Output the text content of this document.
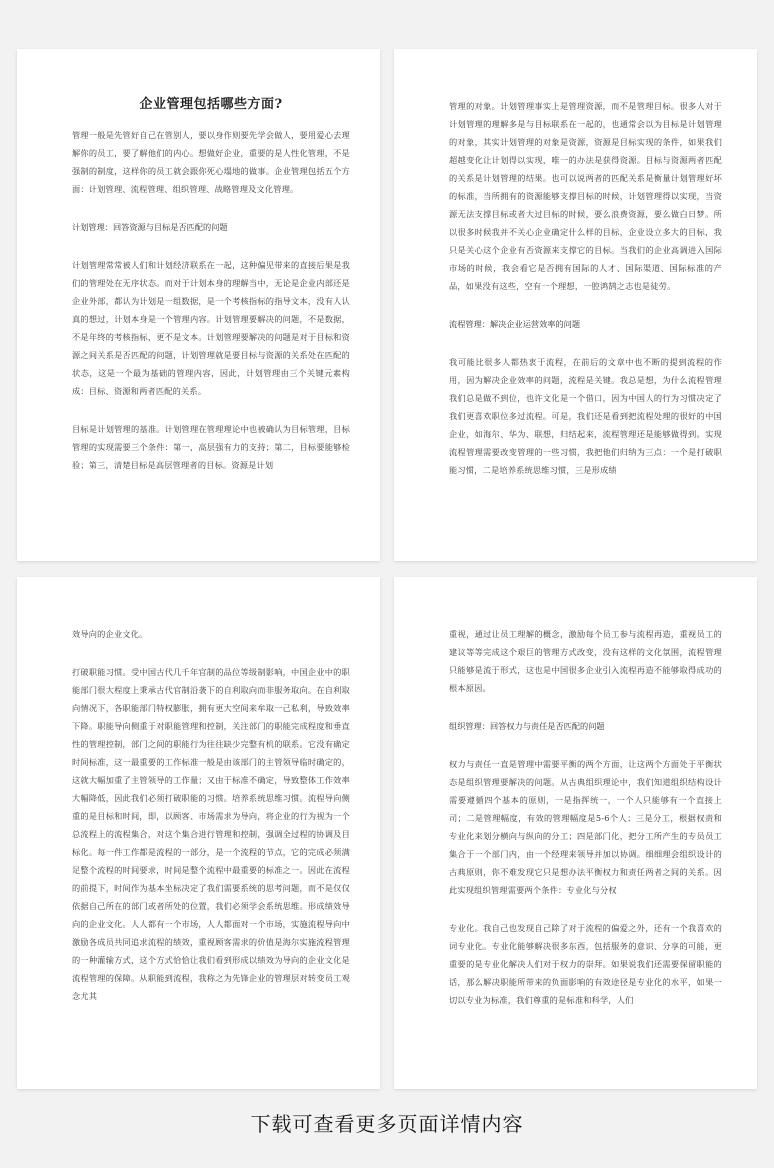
企业管理包括哪些方面?

管理一般是先管好自己在管别人，要以身作则要先学会做人，要用爱心去理解你的员工，要了解他们的内心。想做好企业，重要的是人性化管理，不是强制的制度，这样你的员工就会跟你死心塌地的做事。企业管理包括五个方面：计划管理、流程管理、组织管理、战略管理及文化管理。

计划管理：回答资源与目标是否匹配的问题

计划管理常常被人们和计划经济联系在一起，这种偏见带来的直接后果是我们的管理处在无序状态。而对于计划本身的理解当中，无论是企业内部还是企业外部，都认为计划是一组数据，是一个考核指标的指导文本，没有人认真的想过，计划本身是一个管理内容。计划管理要解决的问题，不是数据，不是年终的考核指标，更不是文本。计划管理要解决的问题是对于目标和资源之间关系是否匹配的问题，计划管理就是要目标与资源的关系处在匹配的状态，这是一个最为基础的管理内容，因此，计划管理由三个关键元素构成：目标、资源和两者匹配的关系。

目标是计划管理的基准。计划管理在管理理论中也被确认为目标管理，目标管理的实现需要三个条件：第一，高层强有力的支持；第二，目标要能够检验；第三，清楚目标是高层管理者的目标。资源是计划

管理的对象。计划管理事实上是管理资源，而不是管理目标。很多人对于计划管理的理解多是与目标联系在一起的，也通常会以为目标是计划管理的对象，其实计划管理的对象是资源，资源是目标实现的条件，如果我们超越变化让计划得以实现，唯一的办法是获得资源。目标与资源两者匹配的关系是计划管理的结果。也可以说两者的匹配关系是衡量计划管理好坏的标准，当所拥有的资源能够支撑目标的时候，计划管理得以实现，当资源无法支撑目标或者大过目标的时候，要么浪费资源，要么做白日梦。所以很多时候我并不关心企业确定什么样的目标，企业设立多大的目标，我只是关心这个企业有否资源来支撑它的目标。当我们的企业高调进入国际市场的时候，我会看它是否拥有国际的人才、国际渠道、国际标准的产品，如果没有这些，空有一个理想，一腔鸿鹄之志也是徒劳。

流程管理：解决企业运营效率的问题

我可能比很多人都热衷于流程，在前后的文章中也不断的提到流程的作用，因为解决企业效率的问题，流程是关键。我总是想，为什么流程管理我们总是做不到位，也许文化是一个借口，因为中国人的行为习惯决定了我们更喜欢职位多过流程。可是，我们还是看到把流程处理的很好的中国企业，如海尔、华为、联想，归结起来，流程管理还是能够做得到。实现流程管理需要改变管理的一些习惯，我把他们归纳为三点：一个是打破职能习惯，二是培养系统思维习惯，三是形成绩

效导向的企业文化。

打破职能习惯。受中国古代几千年官制的品位等级制影响，中国企业中的职能部门很大程度上秉承古代官制沿袭下的自利取向而非服务取向。在自利取向情况下，各职能部门特权膨胀，拥有更大空间来牟取一己私利，导致效率下降。职能导向侧重于对职能管理和控制，关注部门的职能完成程度和垂直性的管理控制，部门之间的职能行为往往缺少完整有机的联系。它没有确定时间标准，这一最重要的工作标准一般是由该部门的主管领导临时确定的，这就大幅加重了主管领导的工作量；又由于标准不确定，导致整体工作效率大幅降低，因此我们必须打破职能的习惯。培养系统思维习惯。流程导向侧重的是目标和时间，即，以顾客、市场需求为导向，将企业的行为视为一个总流程上的流程集合，对这个集合进行管理和控制，强调全过程的协调及目标化。每一件工作都是流程的一部分，是一个流程的节点，它的完成必须满足整个流程的时间要求，时间是整个流程中最重要的标准之一。因此在流程的前提下，时间作为基本坐标决定了我们需要系统的思考问题，而不是仅仅依据自己所在的部门或者所处的位置，我们必须学会系统思维。形成绩效导向的企业文化。人人都有一个市场，人人都面对一个市场，实施流程导向中激励各成员共同追求流程的绩效，重视顾客需求的价值是海尔实施流程管理的一种灌输方式，这个方式恰恰让我们看到形成以绩效为导向的企业文化是流程管理的保障。从职能到流程，我称之为先锋企业的管理层对转变员工观念尤其

重视，通过让员工理解的概念，激励每个员工参与流程再造，重视员工的建议等等完成这个艰巨的管理方式改变，没有这样的文化氛围，流程管理只能够是流于形式，这也是中国很多企业引入流程再造不能够取得成功的根本原因。

组织管理：回答权力与责任是否匹配的问题

权力与责任一直是管理中需要平衡的两个方面，让这两个方面处于平衡状态是组织管理要解决的问题。从古典组织理论中，我们知道组织结构设计需要遵循四个基本的原则，一是指挥统一，一个人只能够有一个直接上司；二是管理幅度，有效的管理幅度是5-6个人；三是分工，根据权责和专业化来划分横向与纵向的分工；四是部门化，把分工所产生的专员员工集合于一个部门内，由一个经理来领导并加以协调。细细理会组织设计的古典原则，你不难发现它只是想办法平衡权力和责任两者之间的关系。因此实现组织管理需要两个条件：专业化与分权

专业化。我自己也发现自己除了对于流程的偏爱之外，还有一个我喜欢的词专业化。专业化能够解决很多东西，包括服务的意识、分享的可能，更重要的是专业化解决人们对于权力的崇拜。如果说我们还需要保留职能的话，那么解决职能所带来的负面影响的有效途径是专业化的水平，如果一切以专业为标准，我们尊重的是标准和科学，人们

下载可查看更多页面详情内容
